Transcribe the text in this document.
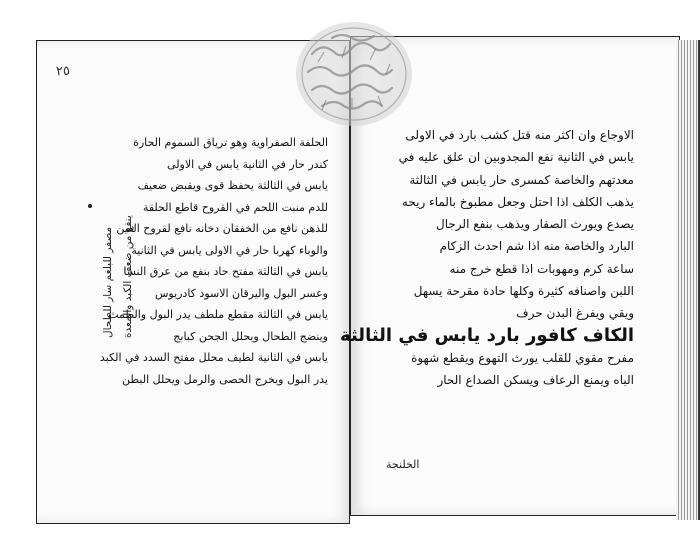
٢٥
الحلفة الصفراوية وهو ترياق السموم الحارة
كندر حار في الثانية يابس في الاولى
يابس في الثالثة يحفظ قوى ويقبض ضعيف
للدم منبت اللحم في القروح قاطع الحلقة
للذهن نافع من الخفقان دخانه نافع لقروح العين
والوباء كهربا حار في الاولى يابس في الثانية
يابس في الثالثة مفتح حاد بنفع من عرق النسا
وعسر البول واليرقان الاسود كادريوس
يابس في الثالثة مقطع ملطف يدر البول والطمث
وينضج الطحال ويحلل الجحن كبابج
يابس في الثانية لطيف محلل مفتح السدد في الكبد
يدر البول ويخرج الحصى والرمل ويحلل البطن
ينفع من ضعف الكبد والمعدة
مصفر للبلغم سار للطحال
الاوجاع وان اكثر منه قتل كشب بارد في الاولى
يابس في الثانية نفع المجدوبين ان علق عليه في
معدتهم والخاصة كمسرى حار يابس في الثالثة
يذهب الكلف اذا احتل وجعل مطبوخ بالماء ريحه
يصدع ويورث الصفار ويذهب بنفع الرجال
البارد والخاصة منه اذا شم احدث الزكام
ساعة كرم ومهوبات اذا قطع خرج منه
اللبن واصنافه كثيرة وكلها حادة مقرحة يسهل
ويقي ويفرغ البدن حرف
الكاف كافور بارد يابس في الثالثة
مفرح مقوي للقلب يورث التهوع ويقطع شهوة
الباه ويمنع الرعاف ويسكن الصداع الحار
الخلنجة
